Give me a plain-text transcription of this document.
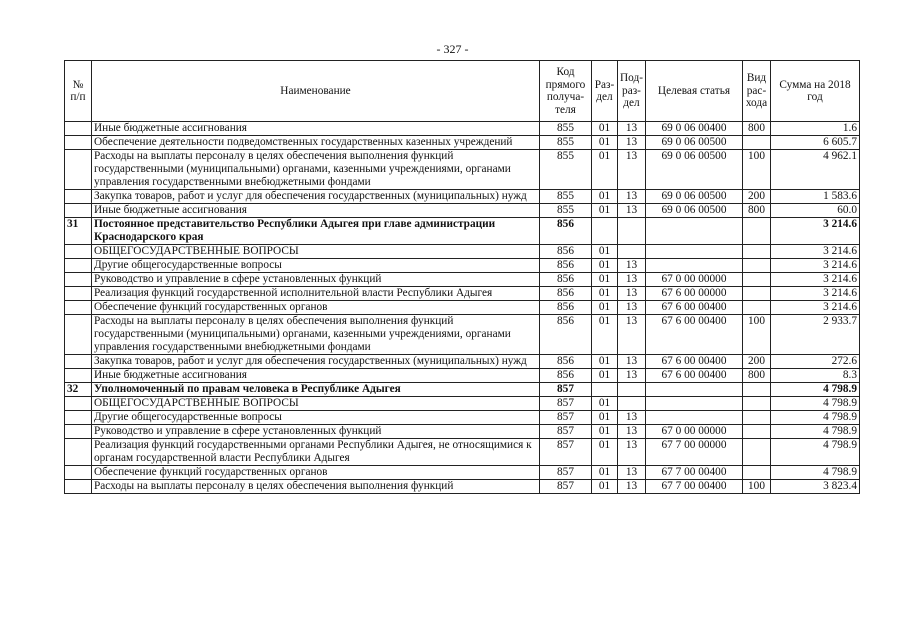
- 327 -
№ п/п	Наименование	Код прямого получа-теля	Раз-дел	Под-раз-дел	Целевая статья	Вид рас-хода	Сумма на 2018 год
	Иные бюджетные ассигнования	855	01	13	69 0 06 00400	800	1.6
	Обеспечение деятельности подведомственных государственных казенных учреждений	855	01	13	69 0 06 00500		6 605.7
	Расходы на выплаты персоналу в целях обеспечения выполнения функций государственными (муниципальными) органами, казенными учреждениями, органами управления государственными внебюджетными фондами	855	01	13	69 0 06 00500	100	4 962.1
	Закупка товаров, работ и услуг для обеспечения государственных (муниципальных) нужд	855	01	13	69 0 06 00500	200	1 583.6
	Иные бюджетные ассигнования	855	01	13	69 0 06 00500	800	60.0
31	Постоянное представительство Республики Адыгея при главе администрации Краснодарского края	856					3 214.6
	ОБЩЕГОСУДАРСТВЕННЫЕ ВОПРОСЫ	856	01				3 214.6
	Другие общегосударственные вопросы	856	01	13			3 214.6
	Руководство и управление в сфере установленных функций	856	01	13	67 0 00 00000		3 214.6
	Реализация функций государственной исполнительной власти Республики Адыгея	856	01	13	67 6 00 00000		3 214.6
	Обеспечение функций государственных органов	856	01	13	67 6 00 00400		3 214.6
	Расходы на выплаты персоналу в целях обеспечения выполнения функций государственными (муниципальными) органами, казенными учреждениями, органами управления государственными внебюджетными фондами	856	01	13	67 6 00 00400	100	2 933.7
	Закупка товаров, работ и услуг для обеспечения государственных (муниципальных) нужд	856	01	13	67 6 00 00400	200	272.6
	Иные бюджетные ассигнования	856	01	13	67 6 00 00400	800	8.3
32	Уполномоченный по правам человека в Республике Адыгея	857					4 798.9
	ОБЩЕГОСУДАРСТВЕННЫЕ ВОПРОСЫ	857	01				4 798.9
	Другие общегосударственные вопросы	857	01	13			4 798.9
	Руководство и управление в сфере установленных функций	857	01	13	67 0 00 00000		4 798.9
	Реализация функций государственными органами Республики Адыгея, не относящимися к органам государственной власти Республики Адыгея	857	01	13	67 7 00 00000		4 798.9
	Обеспечение функций государственных органов	857	01	13	67 7 00 00400		4 798.9
	Расходы на выплаты персоналу в целях обеспечения выполнения функций	857	01	13	67 7 00 00400	100	3 823.4
